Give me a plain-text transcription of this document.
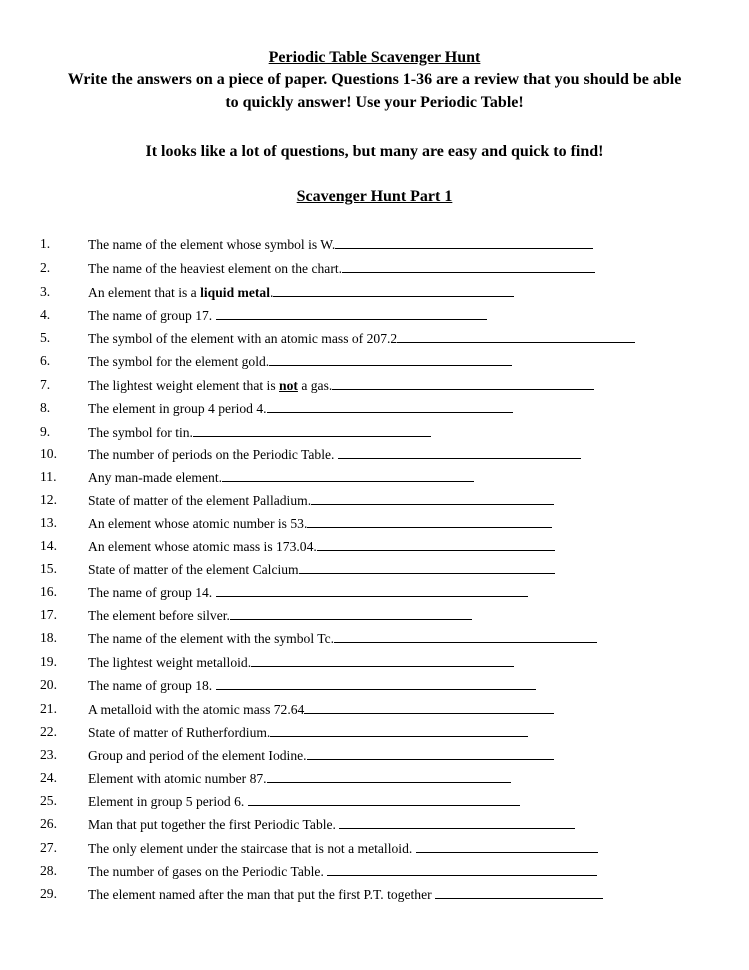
Periodic Table Scavenger Hunt
Write the answers on a piece of paper. Questions 1-36 are a review that you should be able
to quickly answer! Use your Periodic Table!
It looks like a lot of questions, but many are easy and quick to find!
Scavenger Hunt Part 1
1.	The name of the element whose symbol is W.
2.	The name of the heaviest element on the chart.
3.	An element that is a liquid metal.
4.	The name of group 17.
5.	The symbol of the element with an atomic mass of 207.2
6.	The symbol for the element gold.
7.	The lightest weight element that is not a gas.
8.	The element in group 4 period 4.
9.	The symbol for tin.
10.	The number of periods on the Periodic Table.
11.	Any man-made element.
12.	State of matter of the element Palladium.
13.	An element whose atomic number is 53.
14.	An element whose atomic mass is 173.04.
15.	State of matter of the element Calcium
16.	The name of group 14.
17.	The element before silver.
18.	The name of the element with the symbol Tc.
19.	The lightest weight metalloid.
20.	The name of group 18.
21.	A metalloid with the atomic mass 72.64
22.	State of matter of Rutherfordium.
23.	Group and period of the element Iodine.
24.	Element with atomic number 87.
25.	Element in group 5 period 6.
26.	Man that put together the first Periodic Table.
27.	The only element under the staircase that is not a metalloid.
28.	The number of gases on the Periodic Table.
29.	The element named after the man that put the first P.T. together
